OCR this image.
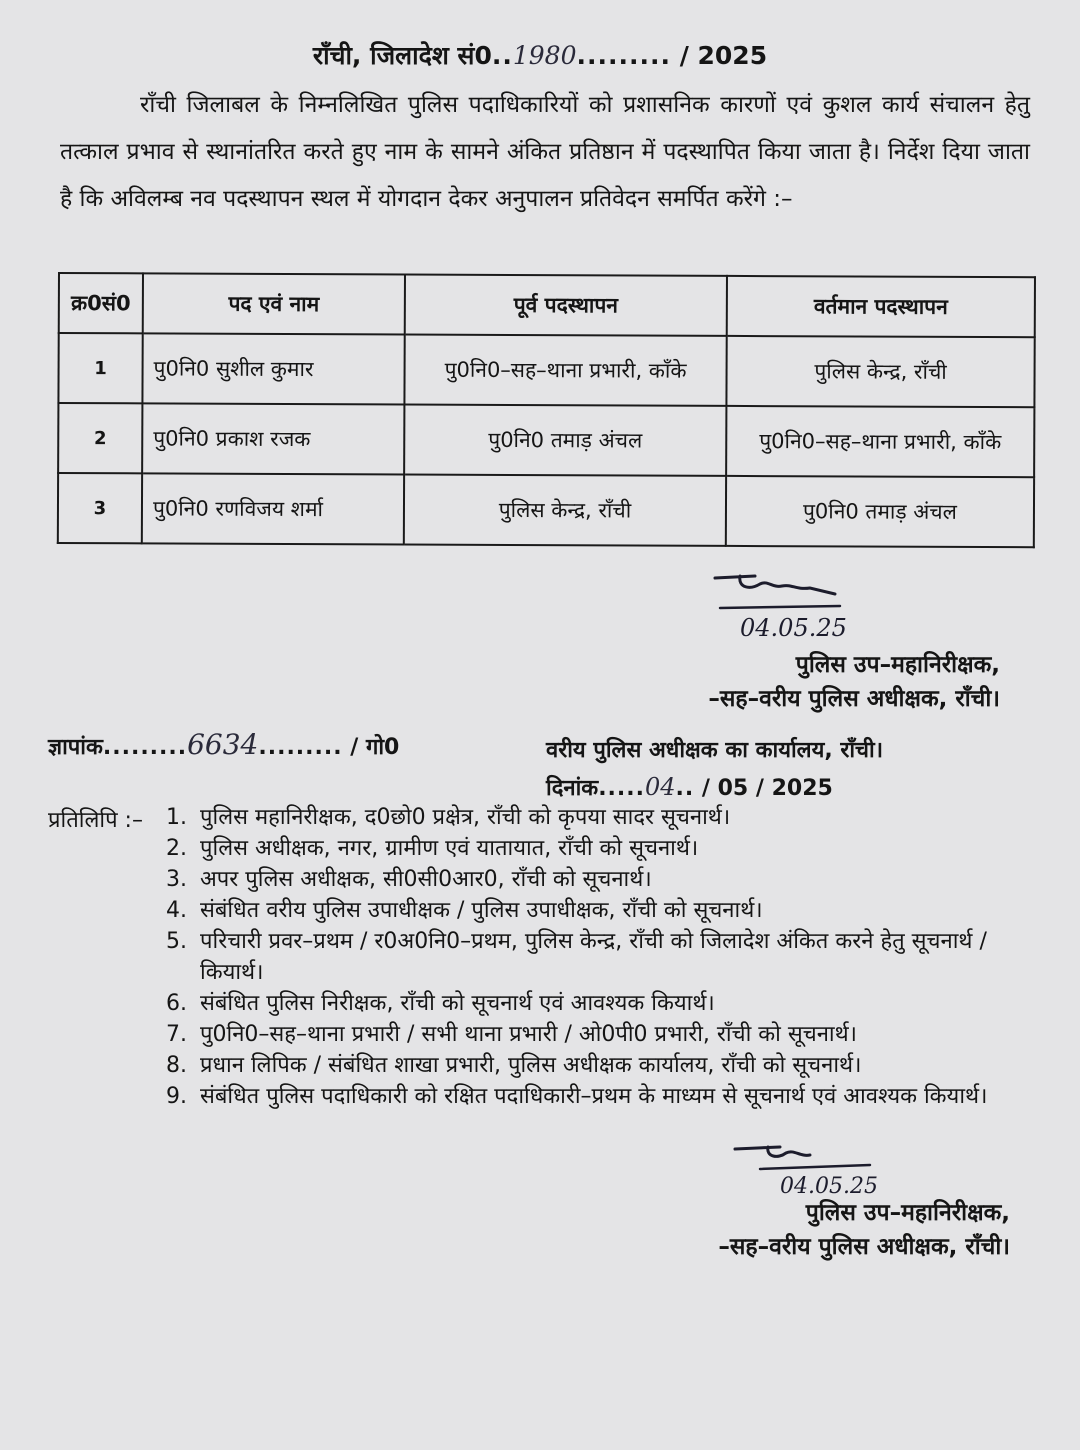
राँची, जिलादेश सं0..1980......... / 2025
राँची जिलाबल के निम्नलिखित पुलिस पदाधिकारियों को प्रशासनिक कारणों एवं कुशल कार्य संचालन हेतु तत्काल प्रभाव से स्थानांतरित करते हुए नाम के सामने अंकित प्रतिष्ठान में पदस्थापित किया जाता है। निर्देश दिया जाता है कि अविलम्ब नव पदस्थापन स्थल में योगदान देकर अनुपालन प्रतिवेदन समर्पित करेंगे :–
क्र0सं0	पद एवं नाम	पूर्व पदस्थापन	वर्तमान पदस्थापन
1	पु0नि0 सुशील कुमार	पु0नि0–सह–थाना प्रभारी, काँके	पुलिस केन्द्र, राँची
2	पु0नि0 प्रकाश रजक	पु0नि0 तमाड़ अंचल	पु0नि0–सह–थाना प्रभारी, काँके
3	पु0नि0 रणविजय शर्मा	पुलिस केन्द्र, राँची	पु0नि0 तमाड़ अंचल
04.05.25
पुलिस उप–महानिरीक्षक,
–सह–वरीय पुलिस अधीक्षक, राँची।
ज्ञापांक.........6634......... / गो0	वरीय पुलिस अधीक्षक का कार्यालय, राँची।
दिनांक.....04.. / 05 / 2025
प्रतिलिपि :– 1. पुलिस महानिरीक्षक, द0छो0 प्रक्षेत्र, राँची को कृपया सादर सूचनार्थ।
2. पुलिस अधीक्षक, नगर, ग्रामीण एवं यातायात, राँची को सूचनार्थ।
3. अपर पुलिस अधीक्षक, सी0सी0आर0, राँची को सूचनार्थ।
4. संबंधित वरीय पुलिस उपाधीक्षक / पुलिस उपाधीक्षक, राँची को सूचनार्थ।
5. परिचारी प्रवर–प्रथम / र0अ0नि0–प्रथम, पुलिस केन्द्र, राँची को जिलादेश अंकित करने हेतु सूचनार्थ / कियार्थ।
6. संबंधित पुलिस निरीक्षक, राँची को सूचनार्थ एवं आवश्यक कियार्थ।
7. पु0नि0–सह–थाना प्रभारी / सभी थाना प्रभारी / ओ0पी0 प्रभारी, राँची को सूचनार्थ।
8. प्रधान लिपिक / संबंधित शाखा प्रभारी, पुलिस अधीक्षक कार्यालय, राँची को सूचनार्थ।
9. संबंधित पुलिस पदाधिकारी को रक्षित पदाधिकारी–प्रथम के माध्यम से सूचनार्थ एवं आवश्यक कियार्थ।
04.05.25
पुलिस उप–महानिरीक्षक,
–सह–वरीय पुलिस अधीक्षक, राँची।
